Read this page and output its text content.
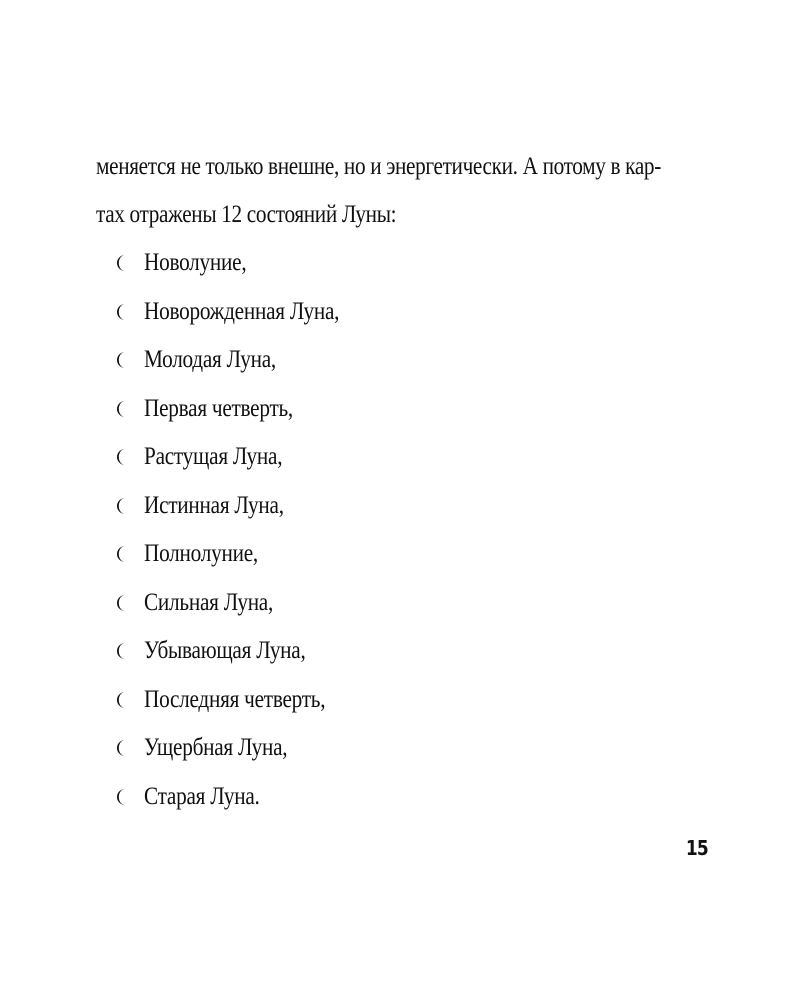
меняется не только внешне, но и энергетически. А потому в кар-
тах отражены 12 состояний Луны:

Новолуние,
Новорожденная Луна,
Молодая Луна,
Первая четверть,
Растущая Луна,
Истинная Луна,
Полнолуние,
Сильная Луна,
Убывающая Луна,
Последняя четверть,
Ущербная Луна,
Старая Луна.
15
